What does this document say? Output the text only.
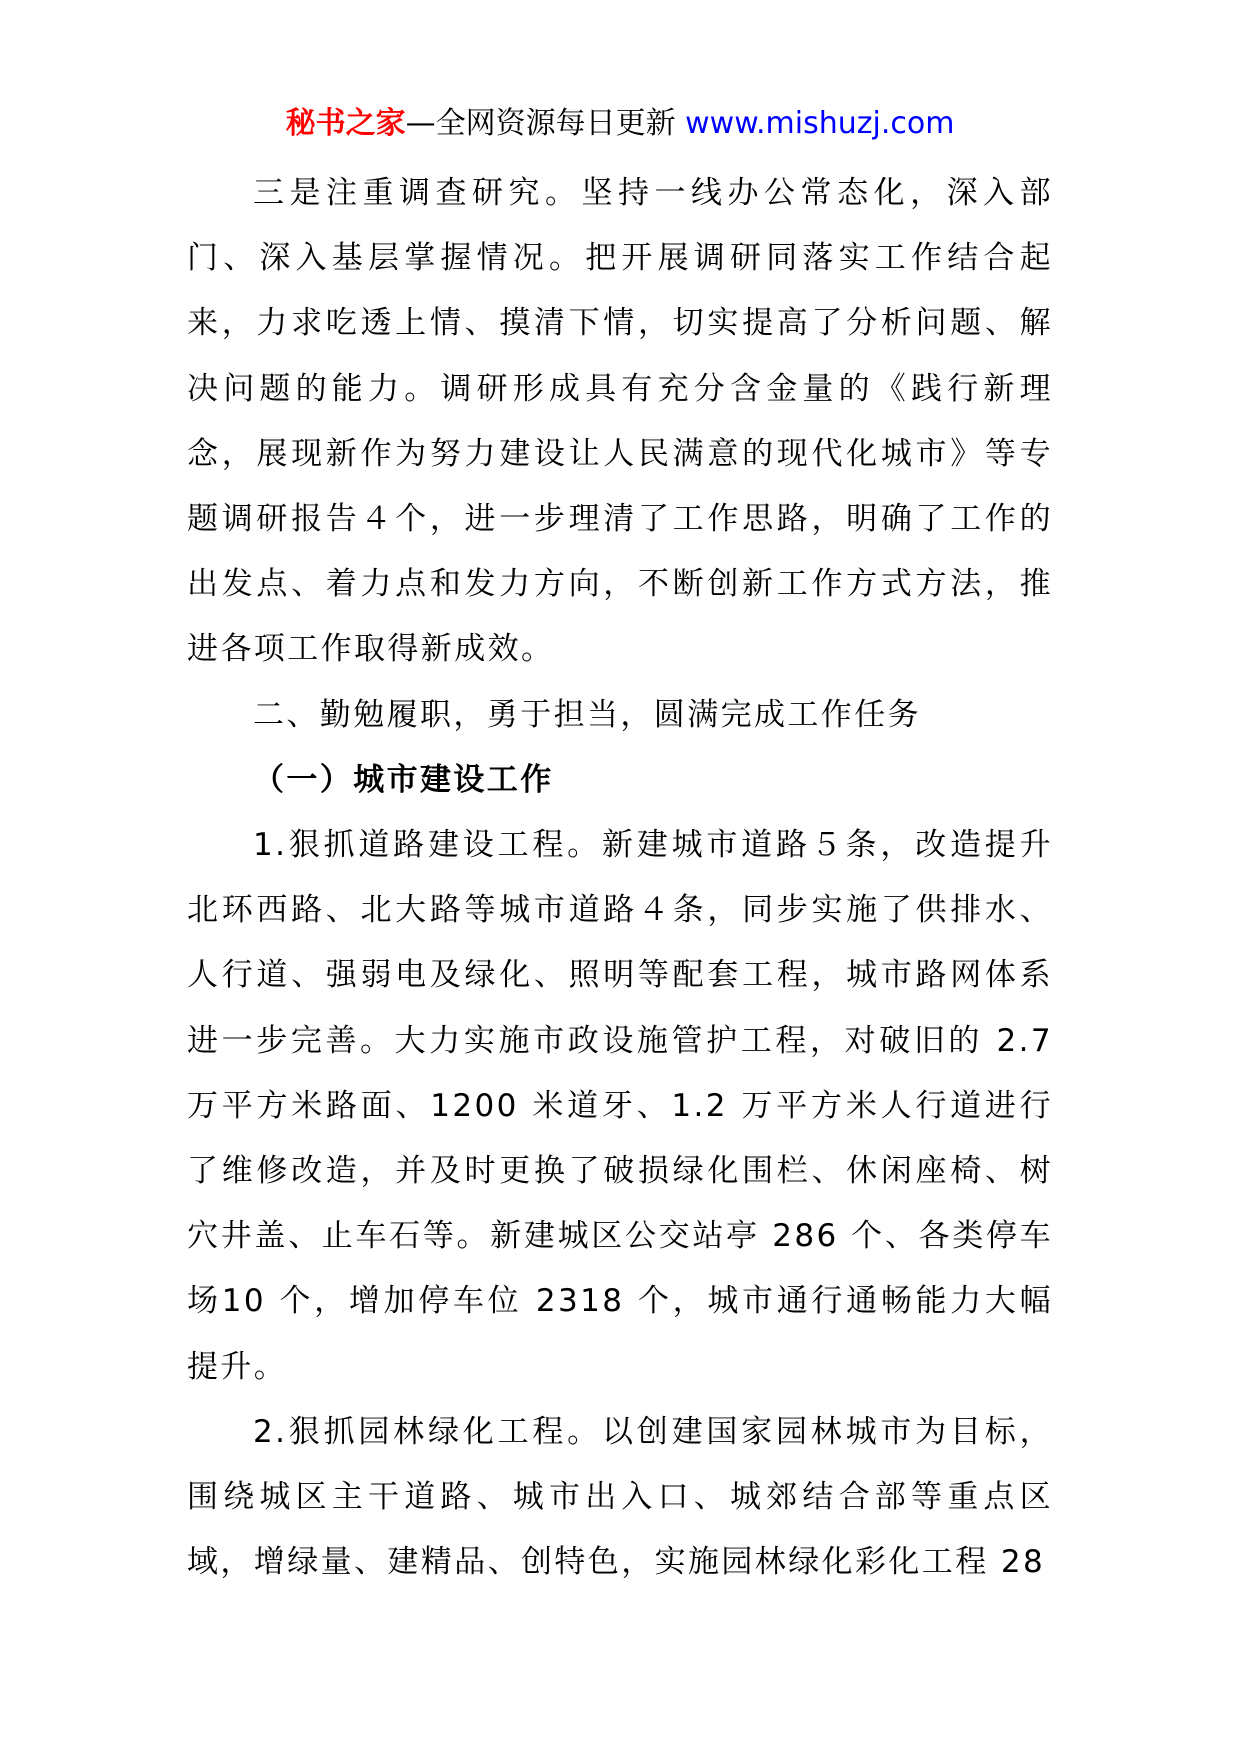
秘书之家—全网资源每日更新 www.mishuzj.com

三是注重调查研究。坚持一线办公常态化，深入部门、深入基层掌握情况。把开展调研同落实工作结合起来，力求吃透上情、摸清下情，切实提高了分析问题、解决问题的能力。调研形成具有充分含金量的《践行新理念，展现新作为努力建设让人民满意的现代化城市》等专题调研报告４个，进一步理清了工作思路，明确了工作的出发点、着力点和发力方向，不断创新工作方式方法，推进各项工作取得新成效。

二、勤勉履职，勇于担当，圆满完成工作任务

（一）城市建设工作

1.狠抓道路建设工程。新建城市道路５条，改造提升北环西路、北大路等城市道路４条，同步实施了供排水、人行道、强弱电及绿化、照明等配套工程，城市路网体系进一步完善。大力实施市政设施管护工程，对破旧的 2.7 万平方米路面、1200 米道牙、1.2 万平方米人行道进行了维修改造，并及时更换了破损绿化围栏、休闲座椅、树穴井盖、止车石等。新建城区公交站亭 286 个、各类停车场10 个，增加停车位 2318 个，城市通行通畅能力大幅提升。

2.狠抓园林绿化工程。以创建国家园林城市为目标，围绕城区主干道路、城市出入口、城郊结合部等重点区域，增绿量、建精品、创特色，实施园林绿化彩化工程 28
